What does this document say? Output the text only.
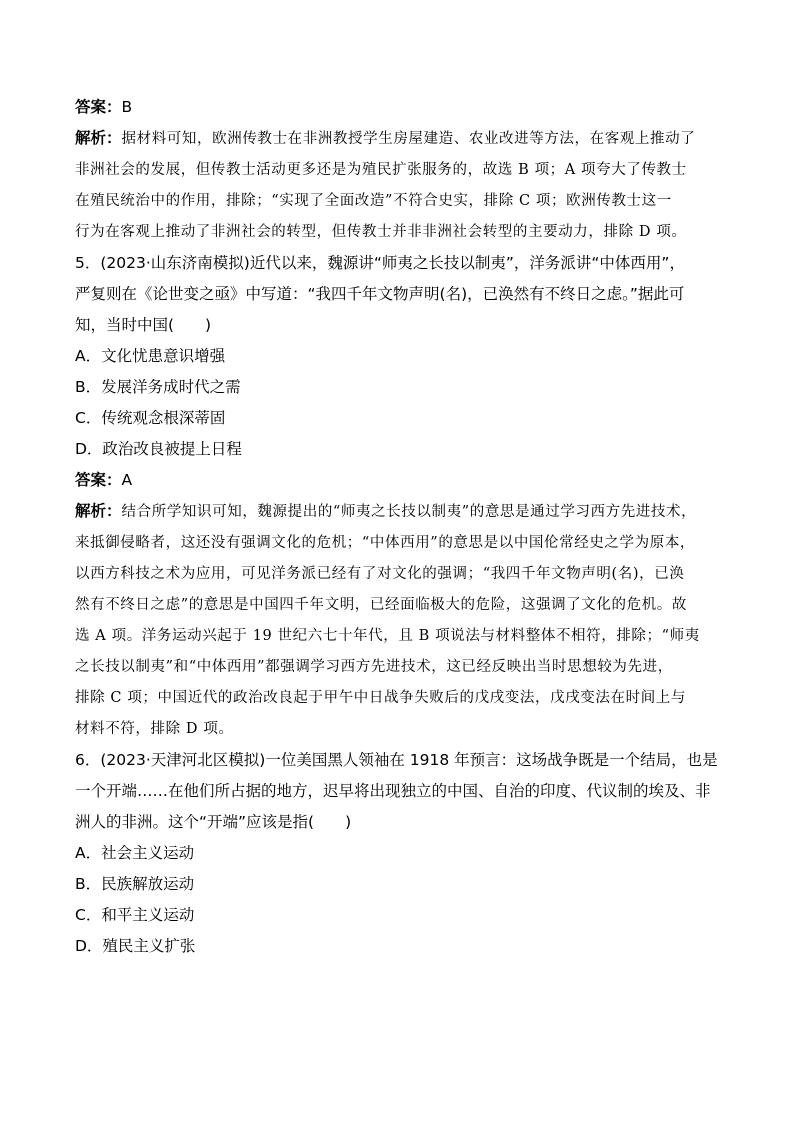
答案：B
解析：据材料可知，欧洲传教士在非洲教授学生房屋建造、农业改进等方法，在客观上推动了
非洲社会的发展，但传教士活动更多还是为殖民扩张服务的，故选 B 项；A 项夸大了传教士
在殖民统治中的作用，排除；“实现了全面改造”不符合史实，排除 C 项；欧洲传教士这一
行为在客观上推动了非洲社会的转型，但传教士并非非洲社会转型的主要动力，排除 D 项。
5．(2023·山东济南模拟)近代以来，魏源讲“师夷之长技以制夷”，洋务派讲“中体西用”，
严复则在《论世变之亟》中写道：“我四千年文物声明(名)，已涣然有不终日之虑。”据此可
知，当时中国(　　)
A．文化忧患意识增强
B．发展洋务成时代之需
C．传统观念根深蒂固
D．政治改良被提上日程
答案：A
解析：结合所学知识可知，魏源提出的“师夷之长技以制夷”的意思是通过学习西方先进技术，
来抵御侵略者，这还没有强调文化的危机；“中体西用”的意思是以中国伦常经史之学为原本，
以西方科技之术为应用，可见洋务派已经有了对文化的强调；“我四千年文物声明(名)，已涣
然有不终日之虑”的意思是中国四千年文明，已经面临极大的危险，这强调了文化的危机。故
选 A 项。洋务运动兴起于 19 世纪六七十年代，且 B 项说法与材料整体不相符，排除；“师夷
之长技以制夷”和“中体西用”都强调学习西方先进技术，这已经反映出当时思想较为先进，
排除 C 项；中国近代的政治改良起于甲午中日战争失败后的戊戌变法，戊戌变法在时间上与
材料不符，排除 D 项。
6．(2023·天津河北区模拟)一位美国黑人领袖在 1918 年预言：这场战争既是一个结局，也是
一个开端……在他们所占据的地方，迟早将出现独立的中国、自治的印度、代议制的埃及、非
洲人的非洲。这个“开端”应该是指(　　)
A．社会主义运动
B．民族解放运动
C．和平主义运动
D．殖民主义扩张
